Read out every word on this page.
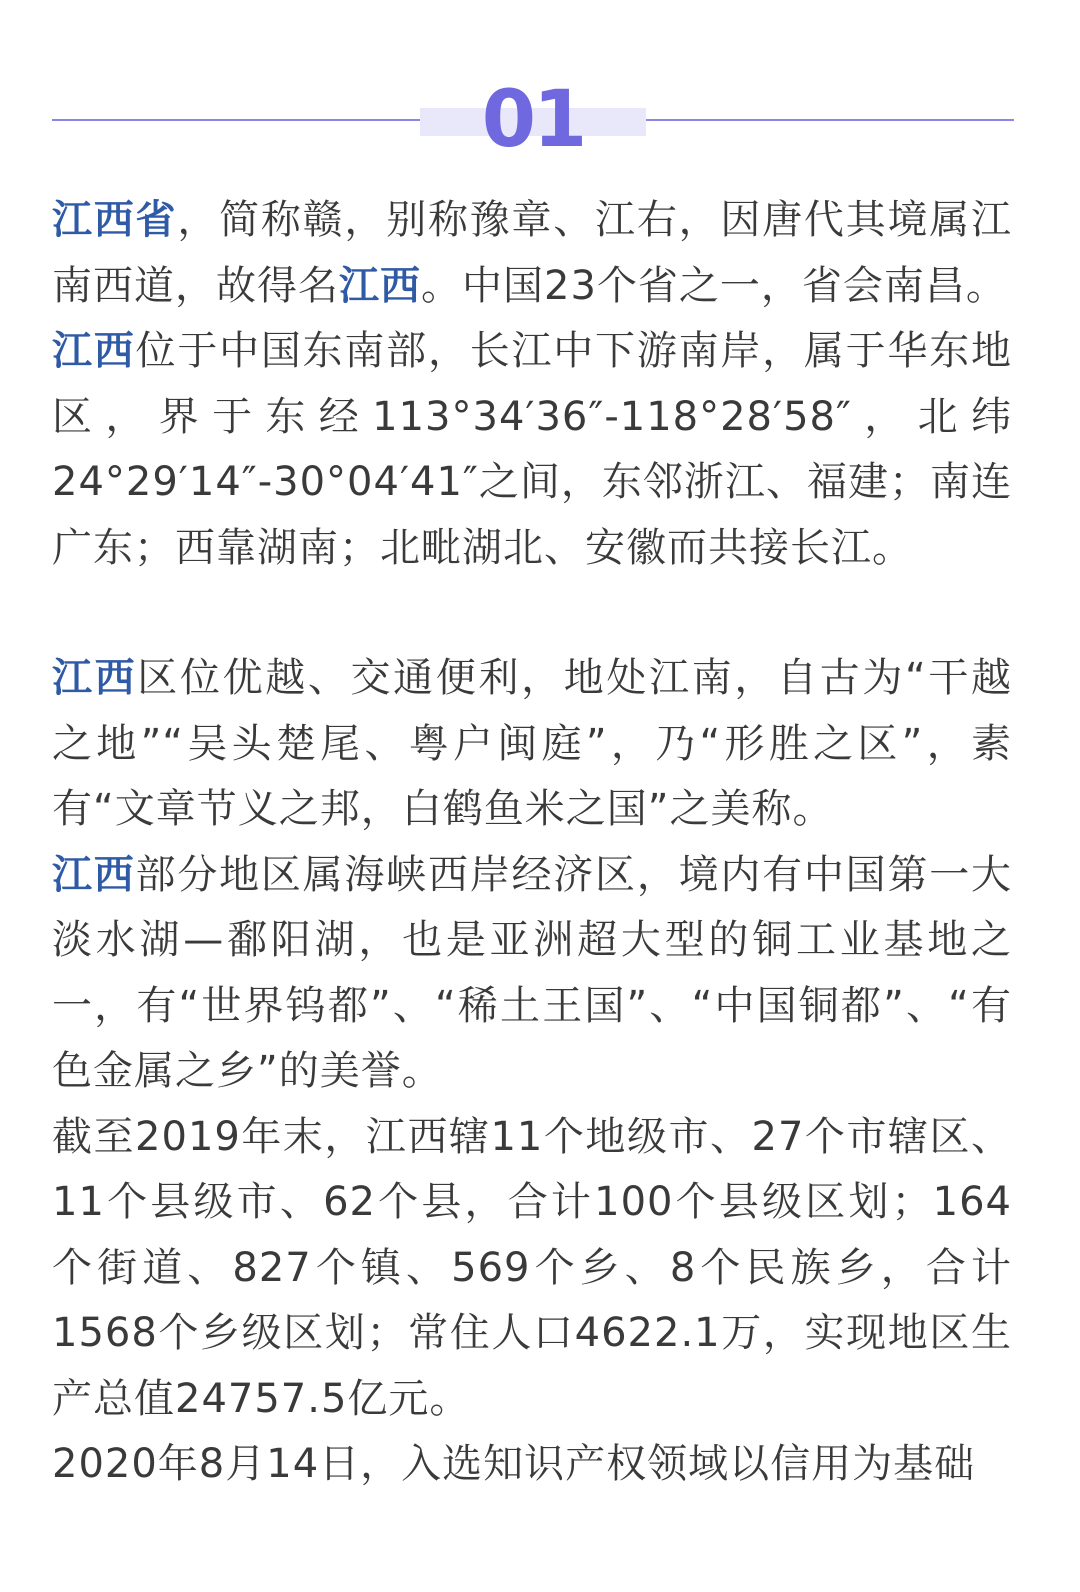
01

江西省，简称赣，别称豫章、江右，因唐代其境属江南西道，故得名江西。中国23个省之一，省会南昌。

江西位于中国东南部，长江中下游南岸，属于华东地区，界于东经113°34′36″-118°28′58″，北纬24°29′14″-30°04′41″之间，东邻浙江、福建；南连广东；西靠湖南；北毗湖北、安徽而共接长江。

江西区位优越、交通便利，地处江南，自古为“干越之地”“吴头楚尾、粤户闽庭”，乃“形胜之区”，素有“文章节义之邦，白鹤鱼米之国”之美称。

江西部分地区属海峡西岸经济区，境内有中国第一大淡水湖—鄱阳湖，也是亚洲超大型的铜工业基地之一，有“世界钨都”、“稀土王国”、“中国铜都”、“有色金属之乡”的美誉。

截至2019年末，江西辖11个地级市、27个市辖区、11个县级市、62个县，合计100个县级区划；164个街道、827个镇、569个乡、8个民族乡，合计1568个乡级区划；常住人口4622.1万，实现地区生产总值24757.5亿元。

2020年8月14日，入选知识产权领域以信用为基础
